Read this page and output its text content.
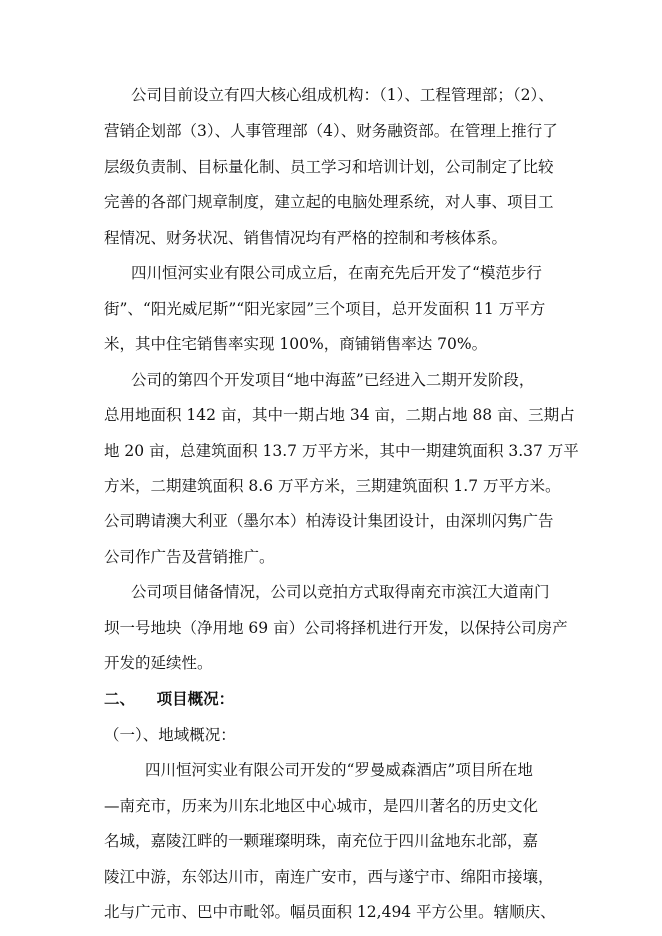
公司目前设立有四大核心组成机构：（1）、工程管理部；（2）、
营销企划部（3）、人事管理部（4）、财务融资部。在管理上推行了
层级负责制、目标量化制、员工学习和培训计划，公司制定了比较
完善的各部门规章制度，建立起的电脑处理系统，对人事、项目工
程情况、财务状况、销售情况均有严格的控制和考核体系。
四川恒河实业有限公司成立后，在南充先后开发了“模范步行
街”、“阳光威尼斯”“阳光家园”三个项目，总开发面积 11 万平方
米，其中住宅销售率实现 100%，商铺销售率达 70%。
公司的第四个开发项目“地中海蓝”已经进入二期开发阶段，
总用地面积 142 亩，其中一期占地 34 亩，二期占地 88 亩、三期占
地 20 亩，总建筑面积 13.7 万平方米，其中一期建筑面积 3.37 万平
方米，二期建筑面积 8.6 万平方米，三期建筑面积 1.7 万平方米。
公司聘请澳大利亚（墨尔本）柏涛设计集团设计，由深圳闪隽广告
公司作广告及营销推广。
公司项目储备情况，公司以竞拍方式取得南充市滨江大道南门
坝一号地块（净用地 69 亩）公司将择机进行开发，以保持公司房产
开发的延续性。
二、    项目概况：
（一）、地域概况：
四川恒河实业有限公司开发的“罗曼威森酒店”项目所在地
—南充市，历来为川东北地区中心城市，是四川著名的历史文化
名城，嘉陵江畔的一颗璀璨明珠，南充位于四川盆地东北部，嘉
陵江中游，东邻达川市，南连广安市，西与遂宁市、绵阳市接壤，
北与广元市、巴中市毗邻。幅员面积 12,494 平方公里。辖顺庆、
